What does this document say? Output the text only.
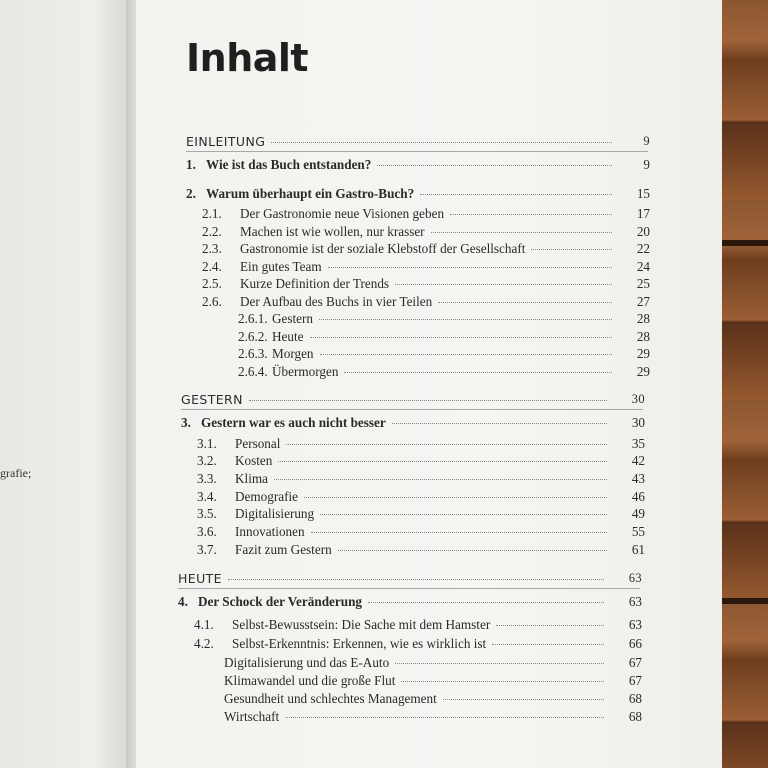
grafie;
Inhalt
EINLEITUNG	9
1. Wie ist das Buch entstanden?	9
2. Warum überhaupt ein Gastro-Buch?	15
2.1.	Der Gastronomie neue Visionen geben	17
2.2.	Machen ist wie wollen, nur krasser	20
2.3.	Gastronomie ist der soziale Klebstoff der Gesellschaft	22
2.4.	Ein gutes Team	24
2.5.	Kurze Definition der Trends	25
2.6.	Der Aufbau des Buchs in vier Teilen	27
2.6.1. Gestern	28
2.6.2. Heute	28
2.6.3. Morgen	29
2.6.4. Übermorgen	29
GESTERN	30
3. Gestern war es auch nicht besser	30
3.1.	Personal	35
3.2.	Kosten	42
3.3.	Klima	43
3.4.	Demografie	46
3.5.	Digitalisierung	49
3.6.	Innovationen	55
3.7.	Fazit zum Gestern	61
HEUTE	63
4. Der Schock der Veränderung	63
4.1.	Selbst-Bewusstsein: Die Sache mit dem Hamster	63
4.2.	Selbst-Erkenntnis: Erkennen, wie es wirklich ist	66
Digitalisierung und das E-Auto	67
Klimawandel und die große Flut	67
Gesundheit und schlechtes Management	68
Wirtschaft	68
